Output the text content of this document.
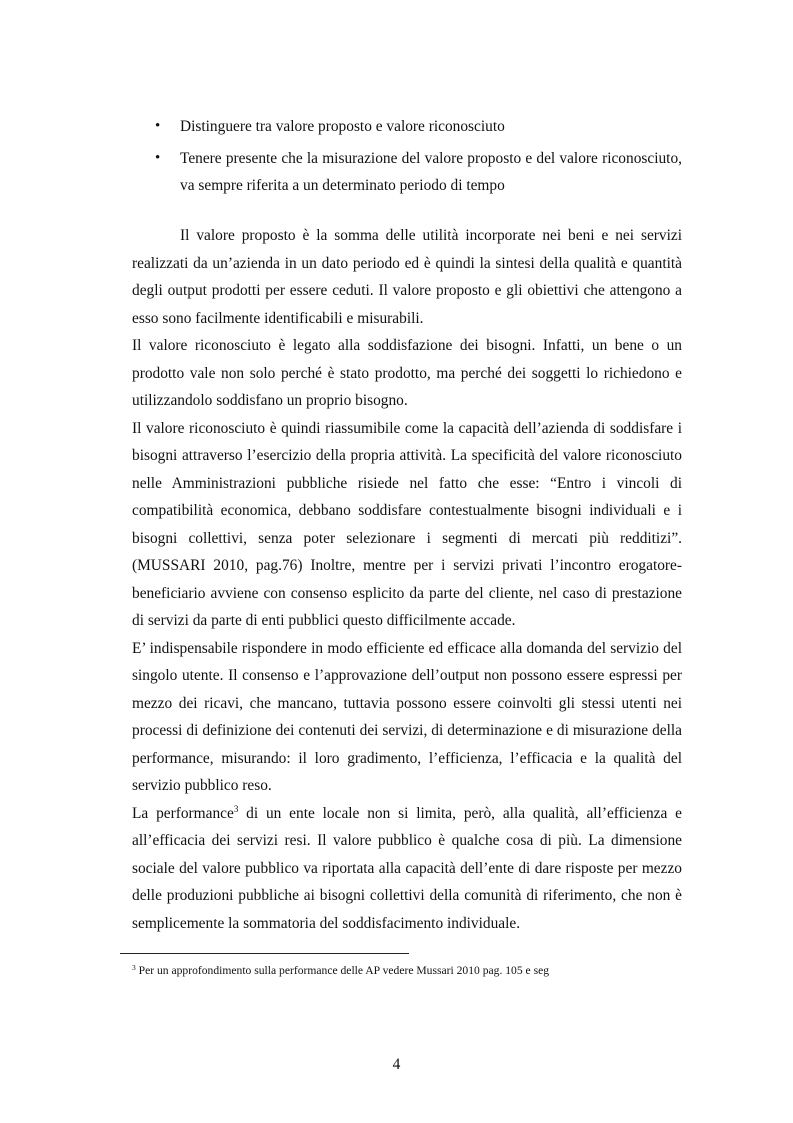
• Distinguere tra valore proposto e valore riconosciuto
• Tenere presente che la misurazione del valore proposto e del valore riconosciuto, va sempre riferita a un determinato periodo di tempo

Il valore proposto è la somma delle utilità incorporate nei beni e nei servizi realizzati da un’azienda in un dato periodo ed è quindi la sintesi della qualità e quantità degli output prodotti per essere ceduti. Il valore proposto e gli obiettivi che attengono a esso sono facilmente identificabili e misurabili.

Il valore riconosciuto è legato alla soddisfazione dei bisogni. Infatti, un bene o un prodotto vale non solo perché è stato prodotto, ma perché dei soggetti lo richiedono e utilizzandolo soddisfano un proprio bisogno.

Il valore riconosciuto è quindi riassumibile come la capacità dell’azienda di soddisfare i bisogni attraverso l’esercizio della propria attività. La specificità del valore riconosciuto nelle Amministrazioni pubbliche risiede nel fatto che esse: “Entro i vincoli di compatibilità economica, debbano soddisfare contestualmente bisogni individuali e i bisogni collettivi, senza poter selezionare i segmenti di mercati più redditizi”. (MUSSARI 2010, pag.76) Inoltre, mentre per i servizi privati l’incontro erogatore-beneficiario avviene con consenso esplicito da parte del cliente, nel caso di prestazione di servizi da parte di enti pubblici questo difficilmente accade.

E’ indispensabile rispondere in modo efficiente ed efficace alla domanda del servizio del singolo utente. Il consenso e l’approvazione dell’output non possono essere espressi per mezzo dei ricavi, che mancano, tuttavia possono essere coinvolti gli stessi utenti nei processi di definizione dei contenuti dei servizi, di determinazione e di misurazione della performance, misurando: il loro gradimento, l’efficienza, l’efficacia e la qualità del servizio pubblico reso.

La performance$^3$ di un ente locale non si limita, però, alla qualità, all’efficienza e all’efficacia dei servizi resi. Il valore pubblico è qualche cosa di più. La dimensione sociale del valore pubblico va riportata alla capacità dell’ente di dare risposte per mezzo delle produzioni pubbliche ai bisogni collettivi della comunità di riferimento, che non è semplicemente la sommatoria del soddisfacimento individuale.

$^3$ Per un approfondimento sulla performance delle AP vedere Mussari 2010 pag. 105 e seg
4
